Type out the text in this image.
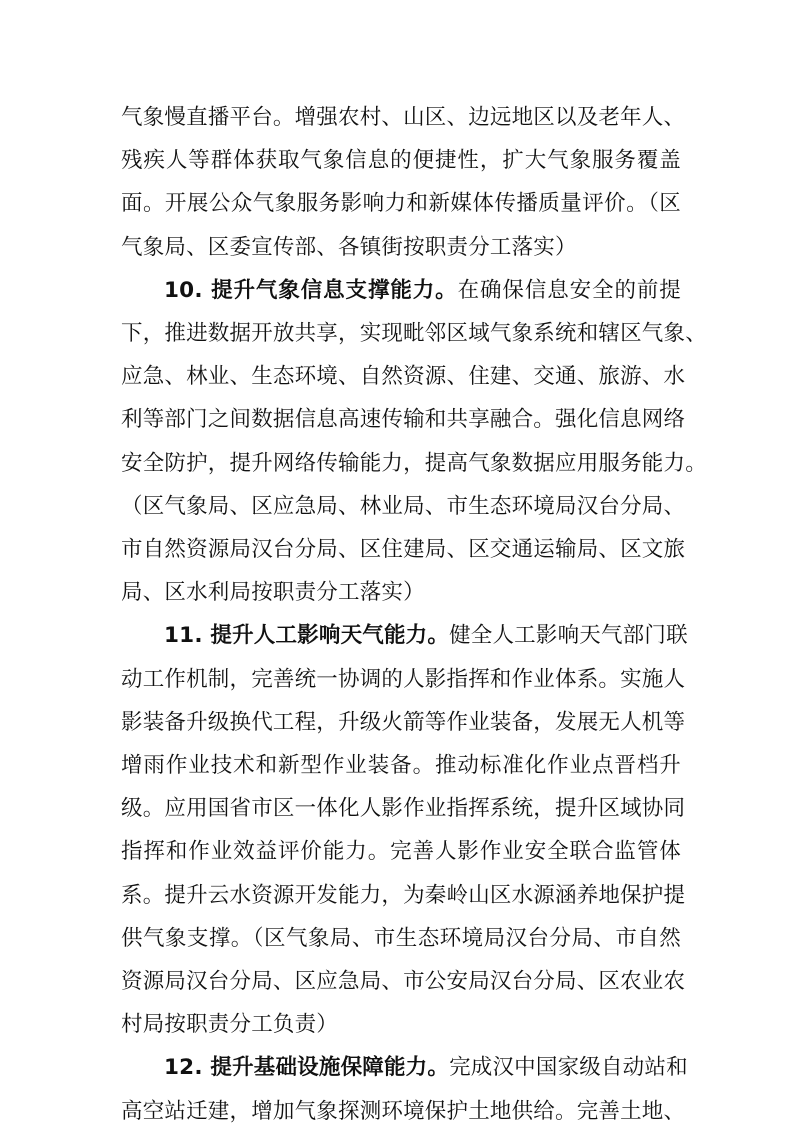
气象慢直播平台。增强农村、山区、边远地区以及老年人、
残疾人等群体获取气象信息的便捷性，扩大气象服务覆盖
面。开展公众气象服务影响力和新媒体传播质量评价。（区
气象局、区委宣传部、各镇街按职责分工落实）
10. 提升气象信息支撑能力。在确保信息安全的前提
下，推进数据开放共享，实现毗邻区域气象系统和辖区气象、
应急、林业、生态环境、自然资源、住建、交通、旅游、水
利等部门之间数据信息高速传输和共享融合。强化信息网络
安全防护，提升网络传输能力，提高气象数据应用服务能力。
（区气象局、区应急局、林业局、市生态环境局汉台分局、
市自然资源局汉台分局、区住建局、区交通运输局、区文旅
局、区水利局按职责分工落实）
11. 提升人工影响天气能力。健全人工影响天气部门联
动工作机制，完善统一协调的人影指挥和作业体系。实施人
影装备升级换代工程，升级火箭等作业装备，发展无人机等
增雨作业技术和新型作业装备。推动标准化作业点晋档升
级。应用国省市区一体化人影作业指挥系统，提升区域协同
指挥和作业效益评价能力。完善人影作业安全联合监管体
系。提升云水资源开发能力，为秦岭山区水源涵养地保护提
供气象支撑。（区气象局、市生态环境局汉台分局、市自然
资源局汉台分局、区应急局、市公安局汉台分局、区农业农
村局按职责分工负责）
12. 提升基础设施保障能力。完成汉中国家级自动站和
高空站迁建，增加气象探测环境保护土地供给。完善土地、
